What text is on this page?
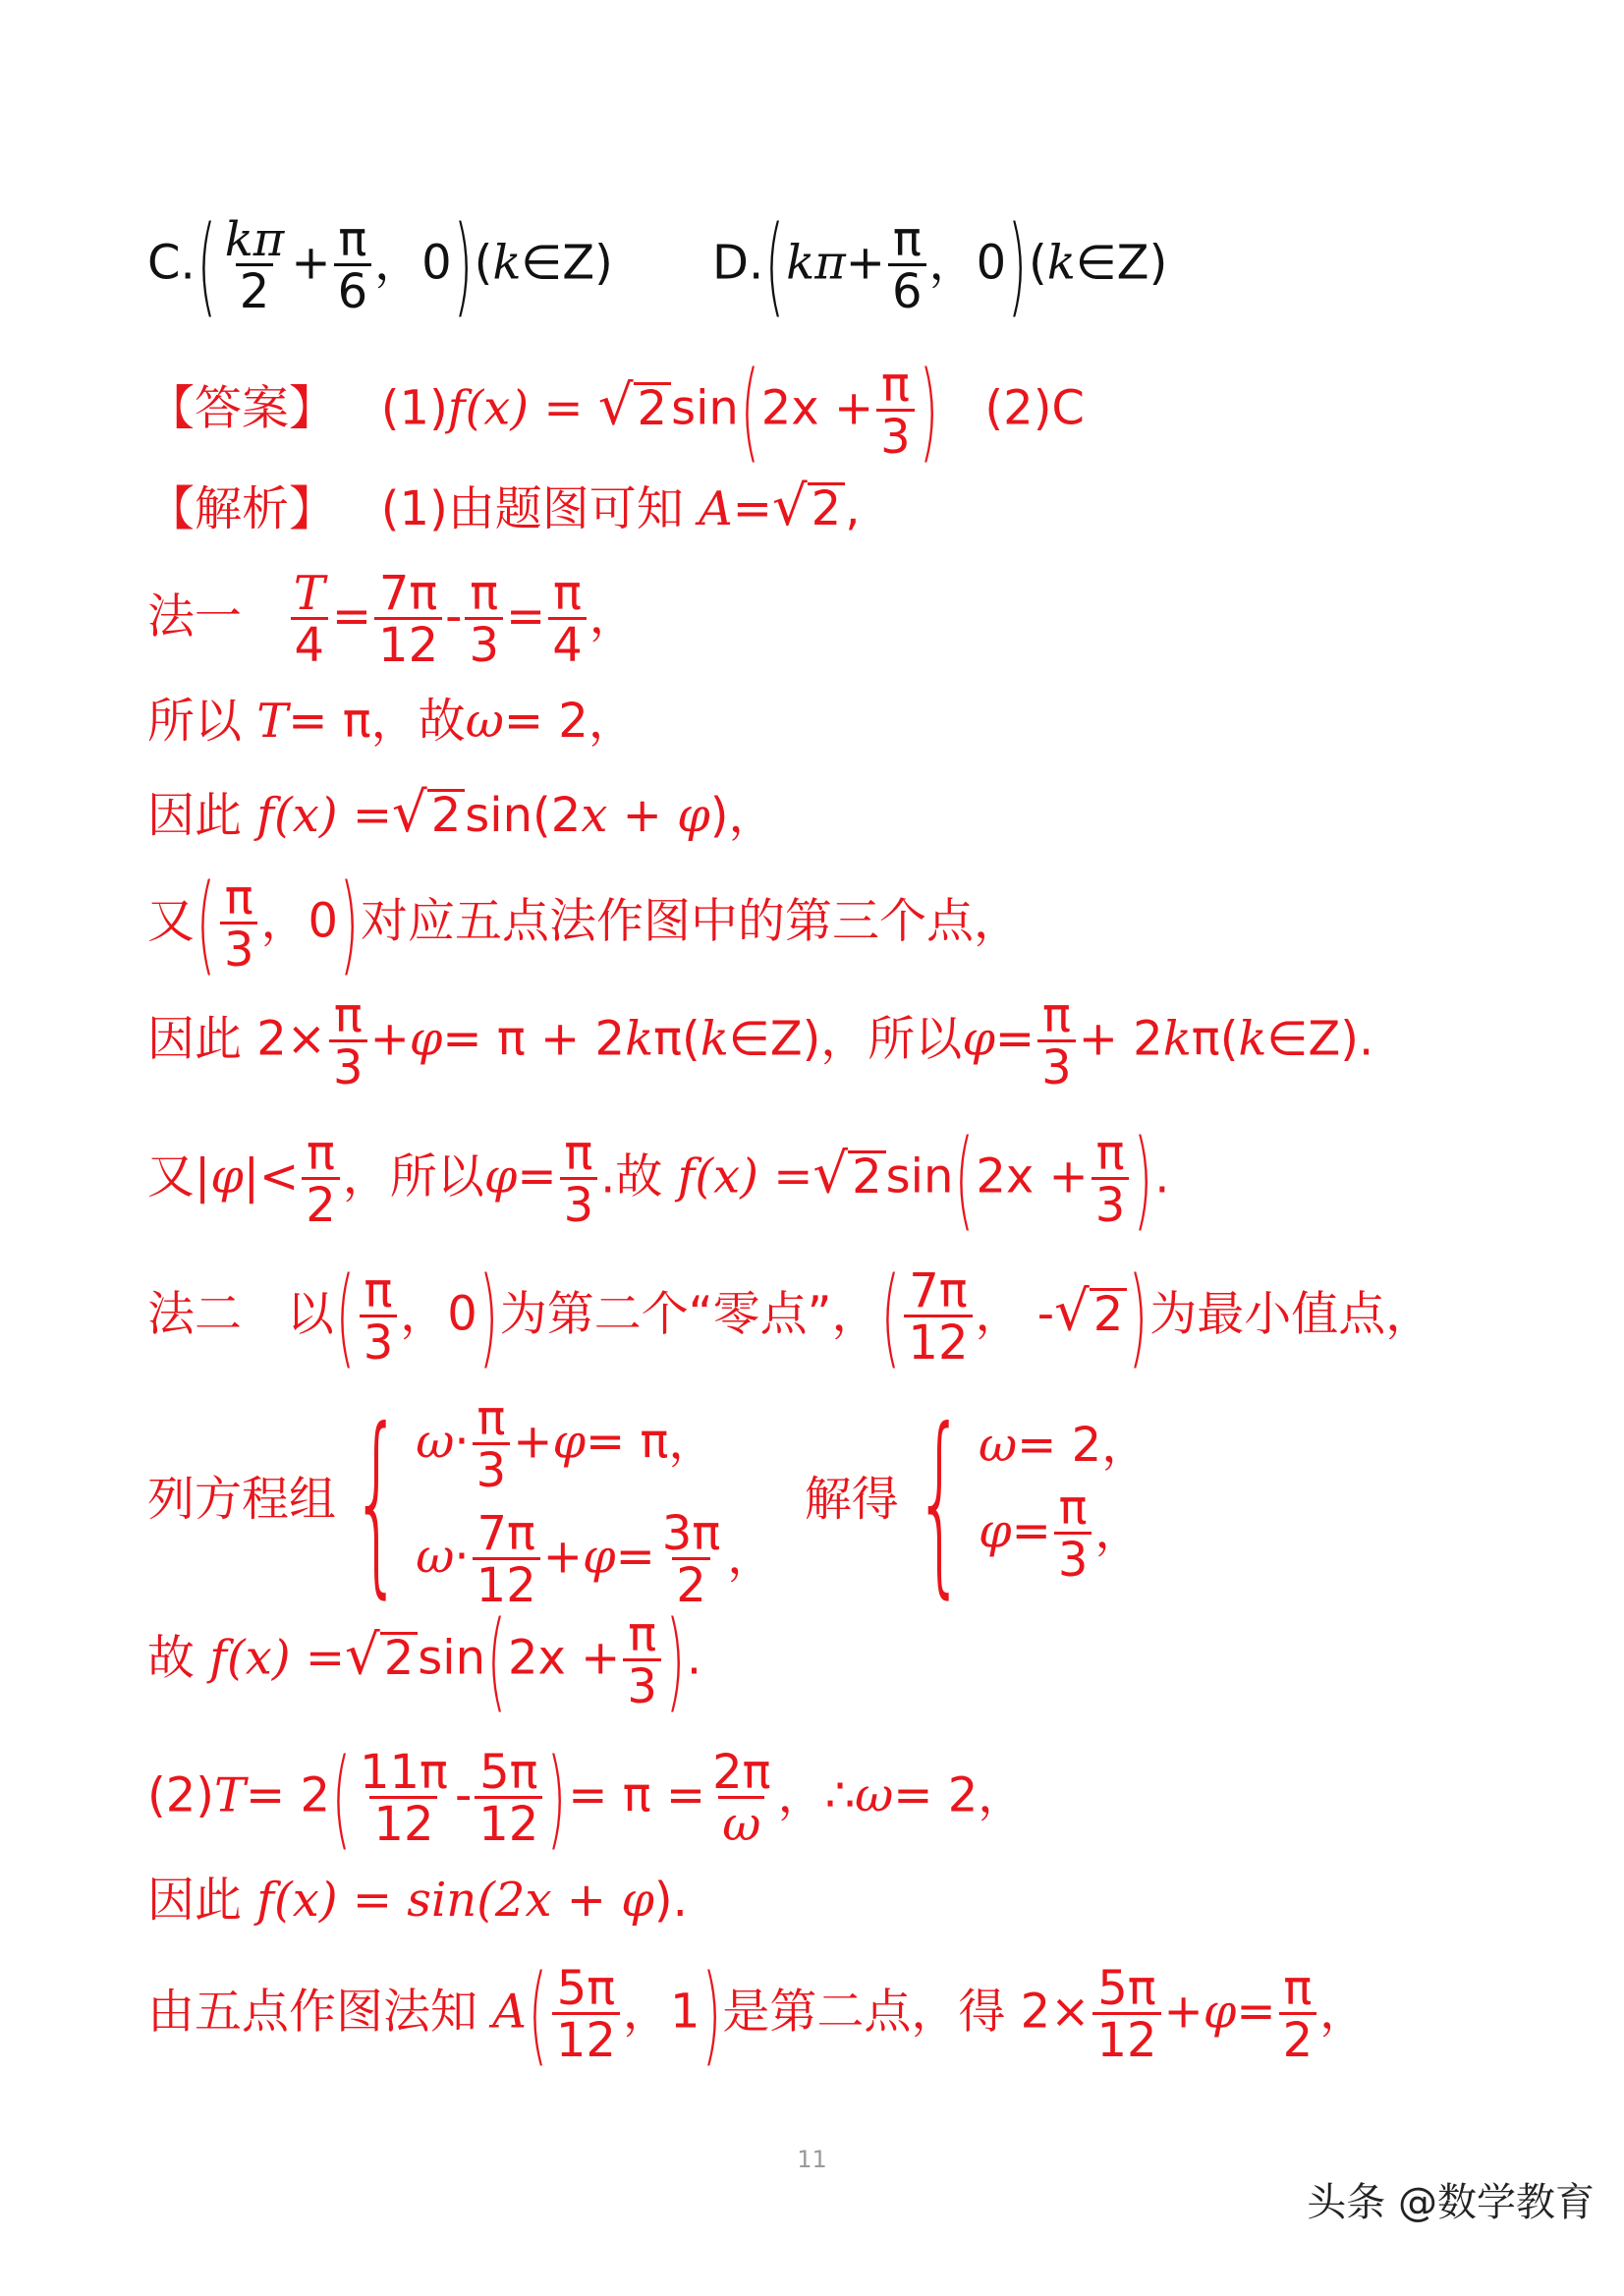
$C.( \frac{k\pi}{2} + \frac{\pi}{6}$ ，0)(k∈Z) $D.(k\pi+ \frac{\pi}{6}$ ，0)(k∈Z)
【答案】 $(1)f(x) = √2\sin(2x + \frac{\pi}{3}$ ) (2)C
【解析】 (1)由题图可知 A=√2,
法一 $\frac{T}{4} = \frac{7\pi}{12} - \frac{\pi}{3} = \frac{\pi}{4}$ ，
所以 T= π，故ω= 2，
因此 f(x) =√2sin(2x + φ)，
又( $\frac{\pi}{3}$ ，0)对应五点法作图中的第三个点，
因此 $2\times \frac{\pi}{3} +\varphi= \pi$ + 2kπ(k∈Z)，所以$\varphi= \frac{\pi}{3}$ + 2kπ(k∈Z).
又$|\varphi|< \frac{\pi}{2}$ ，所以$\varphi= \frac{\pi}{3}$ .故 $f(x) =√2\sin(2x + \frac{\pi}{3}$ ).
法二 以( $\frac{\pi}{3}$ ，0)为第二个“零点”，( $\frac{7\pi}{12}$ ， -√2)为最小值点，
列方程组{ $\omega\cdot \frac{\pi}{3} +\varphi= \pi$，
$\omega\cdot \frac{7\pi}{12} +\varphi= \frac{3\pi}{2}$ ，
解得{ ω= 2，
$\varphi= \frac{\pi}{3}$ ，
故 $f(x) =√2\sin(2x + \frac{\pi}{3}$ ).
$(2)T= 2( \frac{11\pi}{12} - \frac{5\pi}{12}$ )= $\pi = \frac{2\pi}{\omega}$ ，∴ω= 2，
因此 f(x) = sin(2x + φ).
由五点作图法知 $A( \frac{5\pi}{12}$ ，1)是第二点，得 $2\times \frac{5\pi}{12} +\varphi= \frac{\pi}{2}$ ，
11
头条 @数学教育
